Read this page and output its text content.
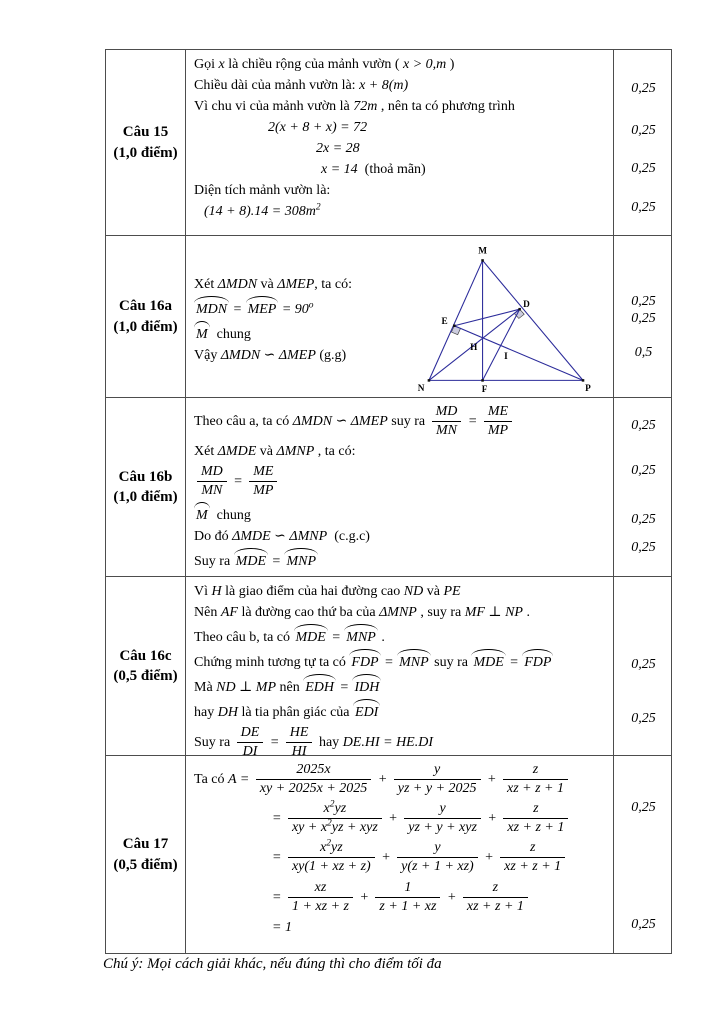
Câu 15
(1,0 điểm)
Gọi x là chiều rộng của mảnh vườn ( x > 0,m )
Chiều dài của mảnh vườn là: x + 8(m)
Vì chu vi của mảnh vườn là 72m , nên ta có phương trình
2(x + 8 + x) = 72
2x = 28
x = 14  (thoả mãn)
Diện tích mảnh vườn là:
$(14 + 8).14 = 308m^2$
0,25
0,25
0,25
0,25
Câu 16a
(1,0 điểm)
Xét ΔMDN và ΔMEP, ta có:
MDN = MEP = $90^o$
M  chung
Vậy ΔMDN ∽ ΔMEP (g.g)
M
N	P
D
E
F
H
I
0,25
0,25
0,5
Câu 16b
(1,0 điểm)
Theo câu a, ta có ΔMDN ∽ ΔMEP suy ra $\frac{MD}{MN} = \frac{ME}{MP}$
Xét ΔMDE và ΔMNP , ta có:
$\frac{MD}{MN} = \frac{ME}{MP}$
M  chung
Do đó ΔMDE ∽ ΔMNP  (c.g.c)
Suy ra MDE = MNP
0,25
0,25
0,25
0,25
Câu 16c
(0,5 điểm)
Vì H là giao điểm của hai đường cao ND và PE
Nên AF là đường cao thứ ba của ΔMNP , suy ra MF ⊥ NP .
Theo câu b, ta có MDE = MNP .
Chứng minh tương tự ta có FDP = MNP suy ra MDE = FDP
Mà ND ⊥ MP nên EDH = IDH
hay DH là tia phân giác của EDI
Suy ra $\frac{DE}{DI} = \frac{HE}{HI}$ hay DE.HI = HE.DI
0,25
0,25
Câu 17
(0,5 điểm)
Ta có $A = \frac{2025x}{xy + 2025x + 2025} + \frac{y}{yz + y + 2025} + \frac{z}{xz + z + 1}$
= $\frac{x^2yz}{xy + x^2yz + xyz} + \frac{y}{\text{yz + y + xyz}} + \frac{z}{xz + z + 1}$
= $\frac{x^2yz}{xy(1 + xz + z)} + \frac{y}{y(z + 1 + xz)} + \frac{z}{xz + z + 1}$
= $\frac{xz}{1 + xz + z} + \frac{1}{z + 1 + xz} + \frac{z}{xz + z + 1}$
= 1
0,25
0,25
Chú ý: Mọi cách giải khác, nếu đúng thì cho điểm tối đa
